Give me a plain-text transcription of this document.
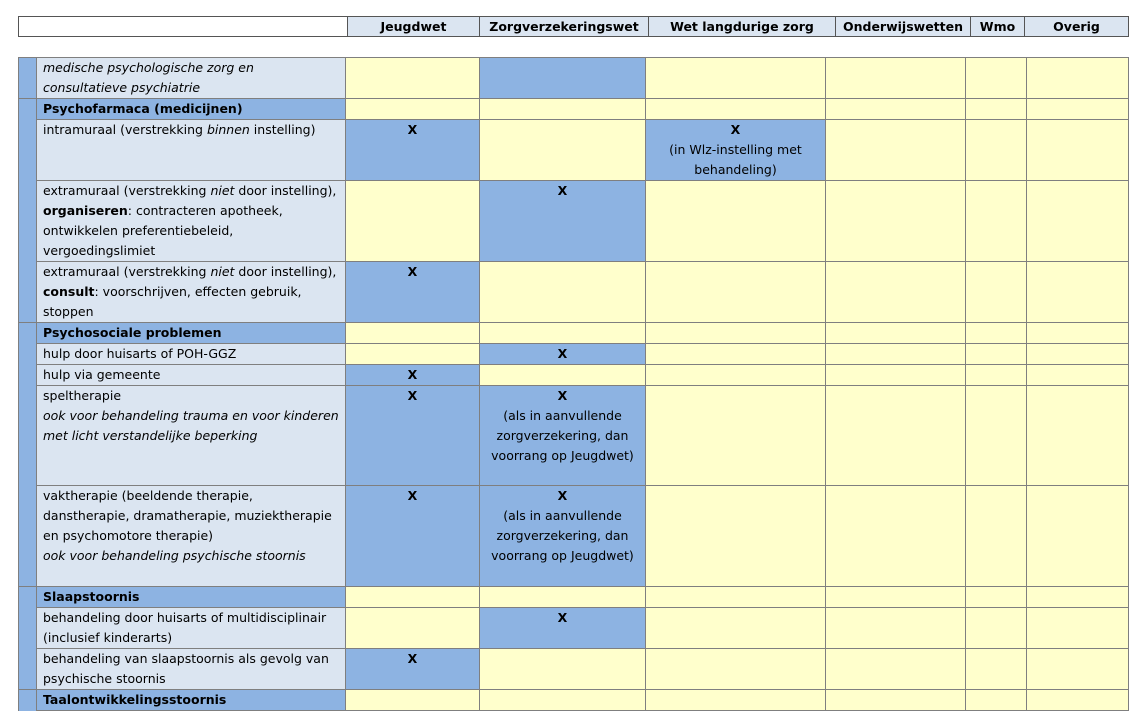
	Jeugdwet	Zorgverzekeringswet	Wet langdurige zorg	Onderwijswetten	Wmo	Overig
	medische psychologische zorg en consultatieve psychiatrie						
	Psychofarmaca (medicijnen)						
	intramuraal (verstrekking binnen instelling)	X		X
(in Wlz-instelling met behandeling)			

	extramuraal (verstrekking niet door instelling), organiseren: contracteren apotheek, ontwikkelen preferentiebeleid, vergoedingslimiet		X				

	extramuraal (verstrekking niet door instelling), consult: voorschrijven, effecten gebruik, stoppen	X					

	Psychosociale problemen						
	hulp door huisarts of POH-GGZ		X				

	hulp via gemeente	X					

	speltherapie
ook voor behandeling trauma en voor kinderen met licht verstandelijke beperking	X	X
(als in aanvullende zorgverzekering, dan voorrang op Jeugdwet)				

	vaktherapie (beeldende therapie, danstherapie, dramatherapie, muziektherapie en psychomotore therapie)
ook voor behandeling psychische stoornis	X	X
(als in aanvullende zorgverzekering, dan voorrang op Jeugdwet)				

	Slaapstoornis						
	behandeling door huisarts of multidisciplinair (inclusief kinderarts)		X				

	behandeling van slaapstoornis als gevolg van psychische stoornis	X					

	Taalontwikkelingsstoornis						
